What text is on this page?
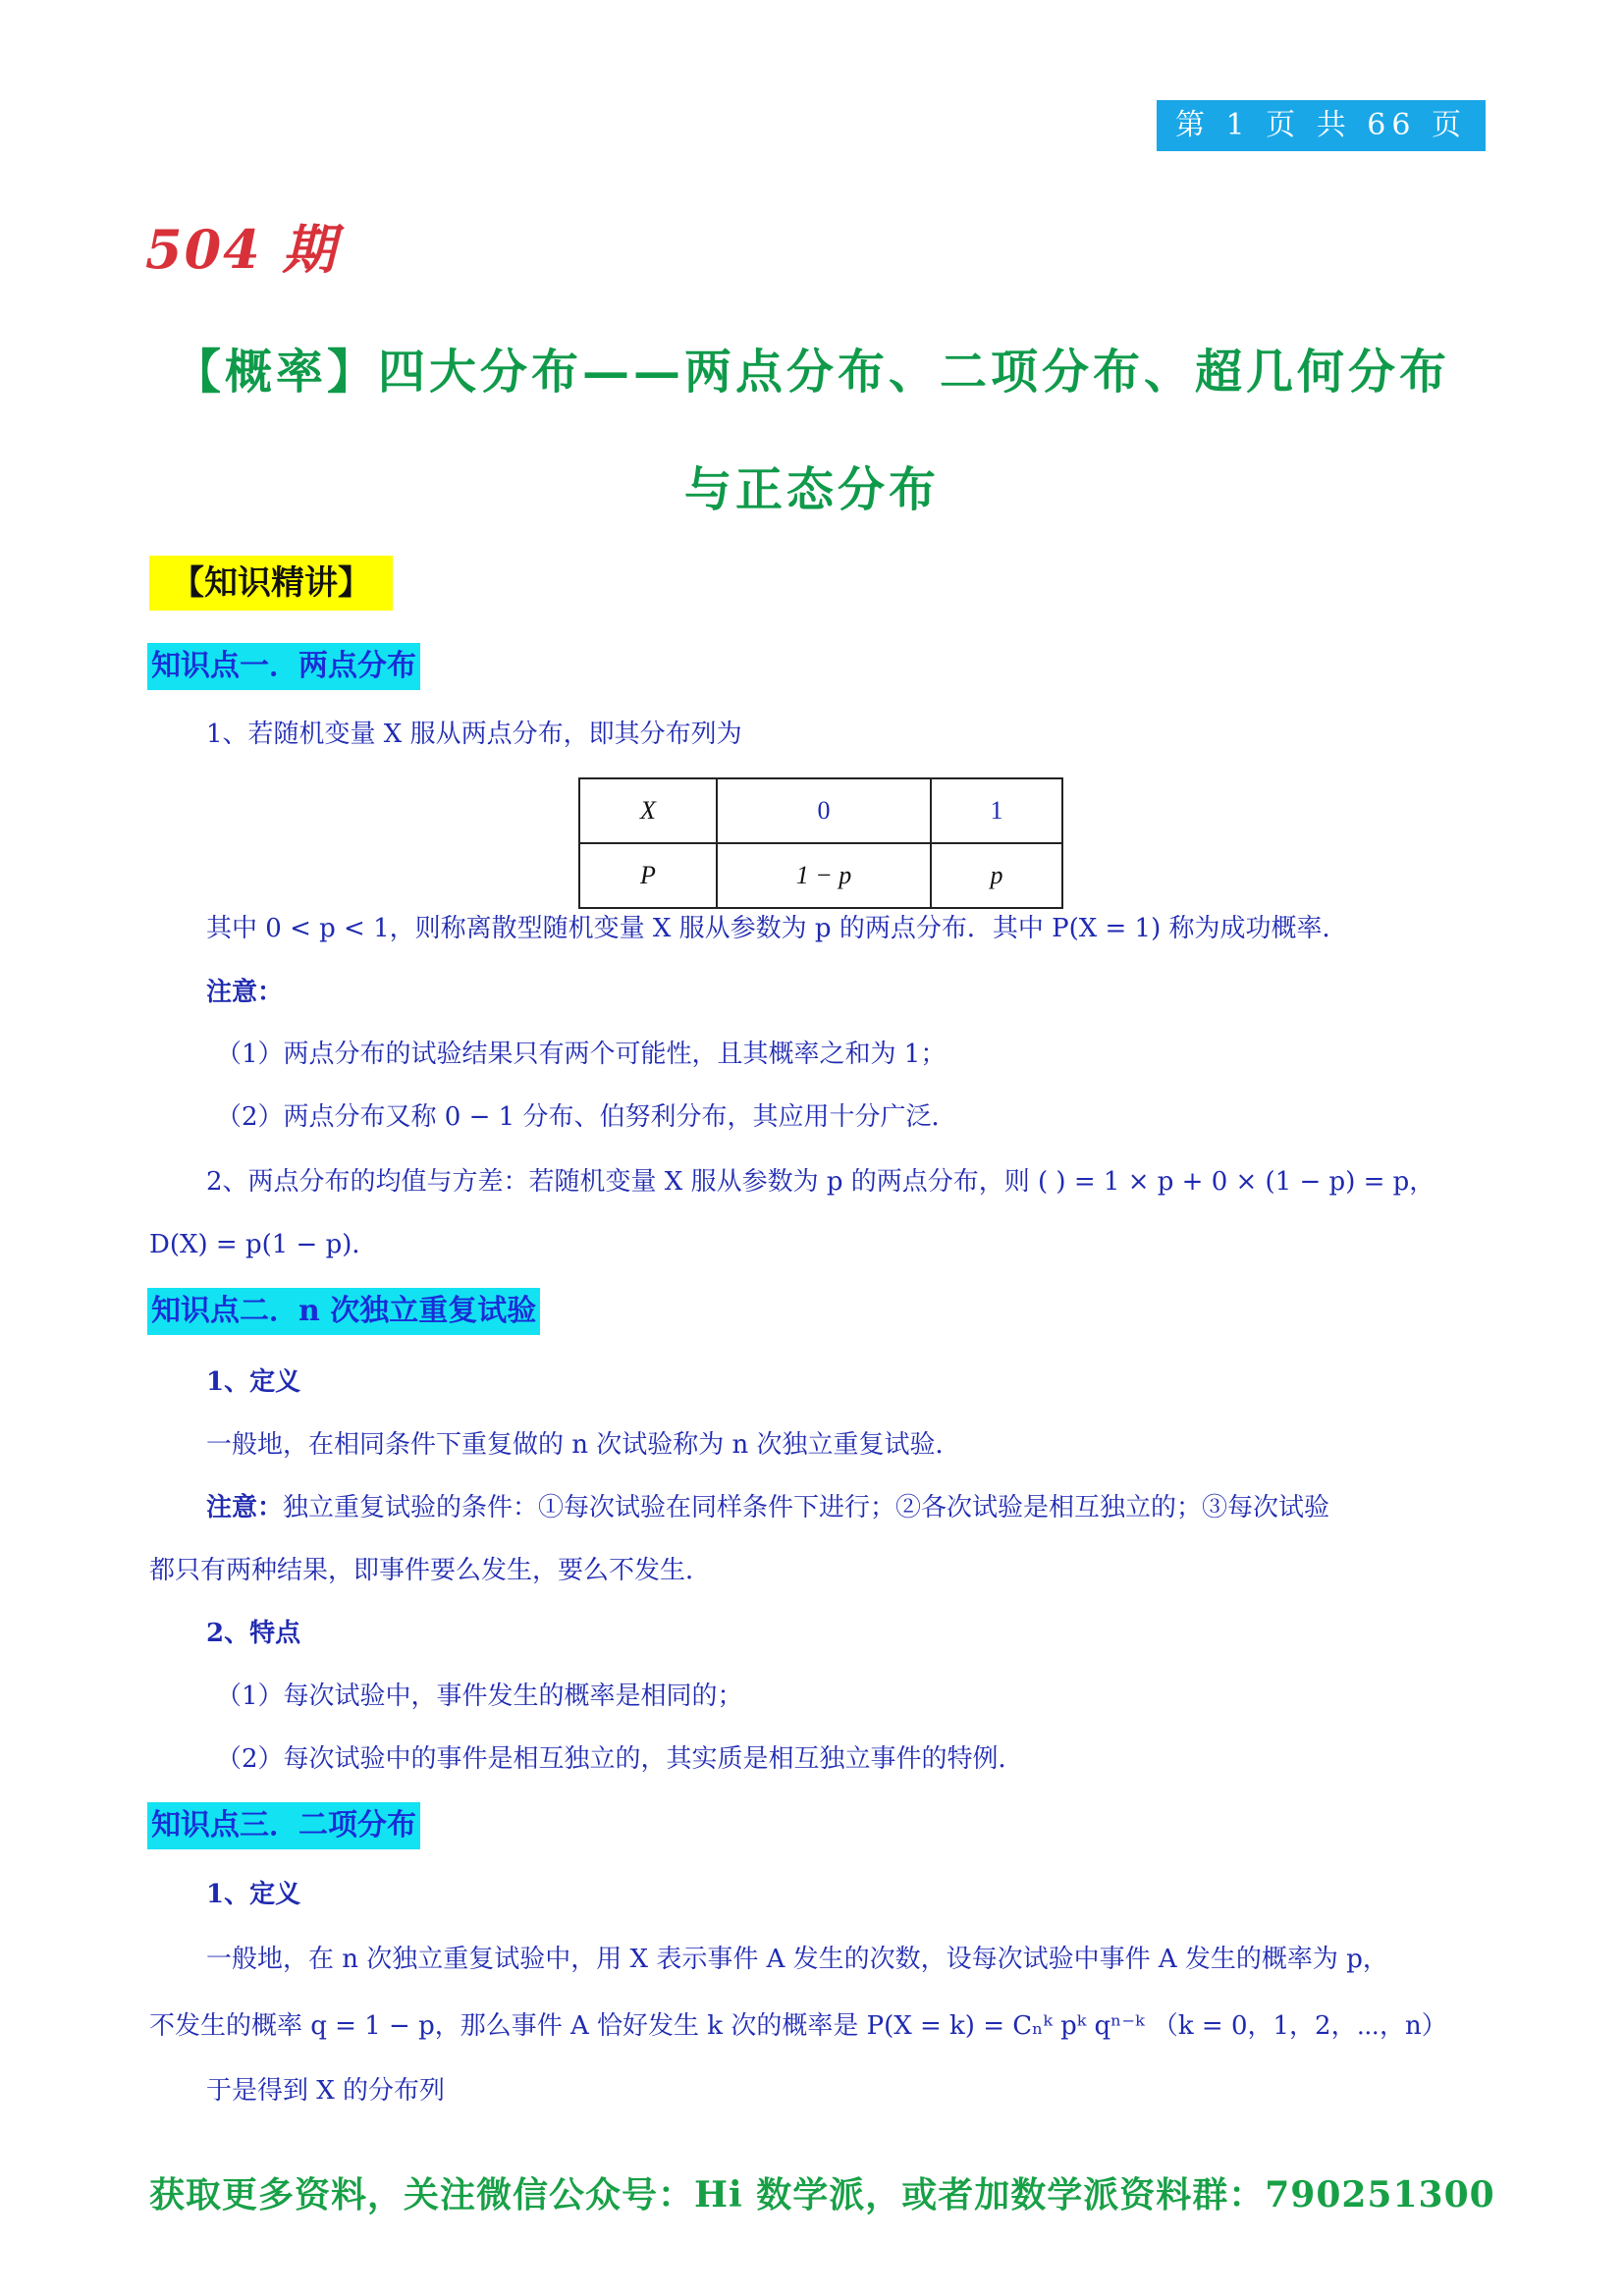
第 1 页 共 66 页
504 期
【概率】四大分布——两点分布、二项分布、超几何分布
与正态分布
【知识精讲】
知识点一．两点分布
1、若随机变量 X 服从两点分布，即其分布列为
X	0	1
P	1 − p	p
其中 0 < p < 1，则称离散型随机变量 X 服从参数为 p 的两点分布．其中 P(X = 1) 称为成功概率．
注意：
（1）两点分布的试验结果只有两个可能性，且其概率之和为 1；
（2）两点分布又称 0 − 1 分布、伯努利分布，其应用十分广泛．
2、两点分布的均值与方差：若随机变量 X 服从参数为 p 的两点分布，则 ( ) = 1 × p + 0 × (1 − p) = p，
D(X) = p(1 − p)．
知识点二．n 次独立重复试验
1、定义
一般地，在相同条件下重复做的 n 次试验称为 n 次独立重复试验．
注意：独立重复试验的条件：①每次试验在同样条件下进行；②各次试验是相互独立的；③每次试验
都只有两种结果，即事件要么发生，要么不发生．
2、特点
（1）每次试验中，事件发生的概率是相同的；
（2）每次试验中的事件是相互独立的，其实质是相互独立事件的特例．
知识点三．二项分布
1、定义
一般地，在 n 次独立重复试验中，用 X 表示事件 A 发生的次数，设每次试验中事件 A 发生的概率为 p，
不发生的概率 q = 1 − p，那么事件 A 恰好发生 k 次的概率是 P(X = k) = Cₙᵏ pᵏ qⁿ⁻ᵏ （k = 0，1，2，⋯，n）
于是得到 X 的分布列
获取更多资料，关注微信公众号：Hi 数学派，或者加数学派资料群：790251300
